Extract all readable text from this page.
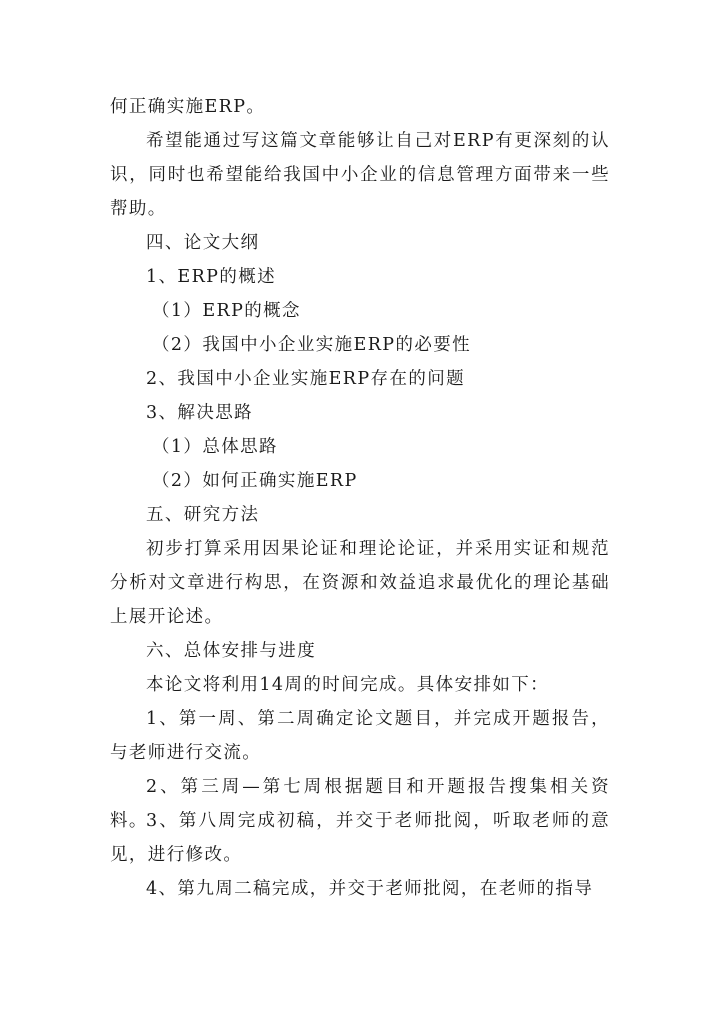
何正确实施ERP。

希望能通过写这篇文章能够让自己对ERP有更深刻的认识，同时也希望能给我国中小企业的信息管理方面带来一些帮助。

四、论文大纲

1、ERP的概述

（1）ERP的概念

（2）我国中小企业实施ERP的必要性

2、我国中小企业实施ERP存在的问题

3、解决思路

（1）总体思路

（2）如何正确实施ERP

五、研究方法

初步打算采用因果论证和理论论证，并采用实证和规范分析对文章进行构思，在资源和效益追求最优化的理论基础上展开论述。

六、总体安排与进度

本论文将利用14周的时间完成。具体安排如下：

1、第一周、第二周确定论文题目，并完成开题报告，与老师进行交流。

2、第三周—第七周根据题目和开题报告搜集相关资料。

3、第八周完成初稿，并交于老师批阅，听取老师的意见，进行修改。

4、第九周二稿完成，并交于老师批阅，在老师的指导
